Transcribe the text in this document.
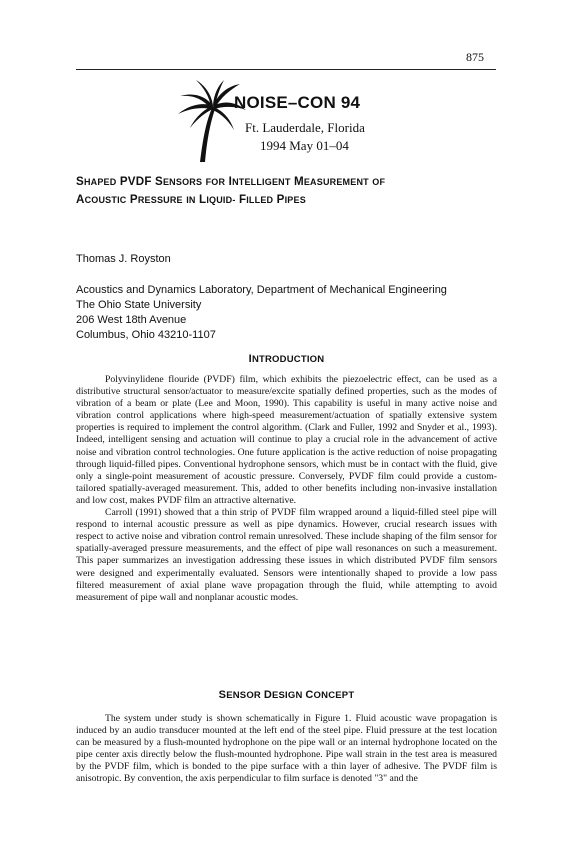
875
NOISE–CON 94
Ft. Lauderdale, Florida
1994 May 01–04
SHAPED PVDF SENSORS FOR INTELLIGENT MEASUREMENT OF
ACOUSTIC PRESSURE IN LIQUID- FILLED PIPES
Thomas J. Royston
Acoustics and Dynamics Laboratory, Department of Mechanical Engineering
The Ohio State University
206 West 18th Avenue
Columbus, Ohio 43210-1107
INTRODUCTION

Polyvinylidene flouride (PVDF) film, which exhibits the piezoelectric effect, can be used as a distributive structural sensor/actuator to measure/excite spatially defined properties, such as the modes of vibration of a beam or plate (Lee and Moon, 1990). This capability is useful in many active noise and vibration control applications where high-speed measurement/actuation of spatially extensive system properties is required to implement the control algorithm. (Clark and Fuller, 1992 and Snyder et al., 1993). Indeed, intelligent sensing and actuation will continue to play a crucial role in the advancement of active noise and vibration control technologies. One future application is the active reduction of noise propagating through liquid-filled pipes. Conventional hydrophone sensors, which must be in contact with the fluid, give only a single-point measurement of acoustic pressure. Conversely, PVDF film could provide a custom-tailored spatially-averaged measurement. This, added to other benefits including non-invasive installation and low cost, makes PVDF film an attractive alternative.

Carroll (1991) showed that a thin strip of PVDF film wrapped around a liquid-filled steel pipe will respond to internal acoustic pressure as well as pipe dynamics. However, crucial research issues with respect to active noise and vibration control remain unresolved. These include shaping of the film sensor for spatially-averaged pressure measurements, and the effect of pipe wall resonances on such a measurement. This paper summarizes an investigation addressing these issues in which distributed PVDF film sensors were designed and experimentally evaluated. Sensors were intentionally shaped to provide a low pass filtered measurement of axial plane wave propagation through the fluid, while attempting to avoid measurement of pipe wall and nonplanar acoustic modes.

SENSOR DESIGN CONCEPT

The system under study is shown schematically in Figure 1. Fluid acoustic wave propagation is induced by an audio transducer mounted at the left end of the steel pipe. Fluid pressure at the test location can be measured by a flush-mounted hydrophone on the pipe wall or an internal hydrophone located on the pipe center axis directly below the flush-mounted hydrophone. Pipe wall strain in the test area is measured by the PVDF film, which is bonded to the pipe surface with a thin layer of adhesive. The PVDF film is anisotropic. By convention, the axis perpendicular to film surface is denoted "3" and the
